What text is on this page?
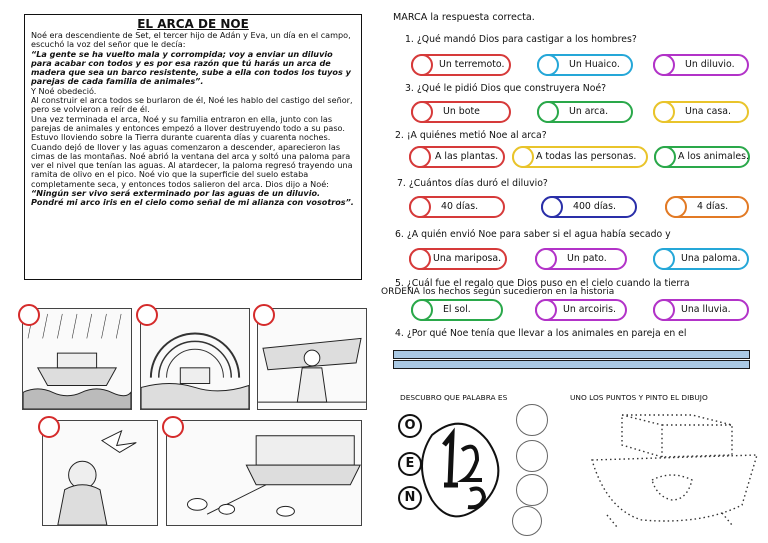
EL ARCA DE NOE

Noé era descendiente de Set, el tercer hijo de Adán y Eva, un día en el campo, escuchó la voz del señor que le decía:

“La gente se ha vuelto mala y corrompida; voy a enviar un diluvio para acabar con todos y es por esa razón que tú harás un arca de madera que sea un barco resistente, sube a ella con todos los tuyos y parejas de cada familia de animales”.

Y Noé obedeció.

Al construir el arca todos se burlaron de él, Noé les hablo del castigo del señor, pero se volvieron a reír de él.

Una vez terminada el arca, Noé y su familia entraron en ella, junto con las parejas de animales y entonces empezó a llover destruyendo todo a su paso.

Estuvo lloviendo sobre la Tierra durante cuarenta días y cuarenta noches.

Cuando dejó de llover y las aguas comenzaron a descender, aparecieron las cimas de las montañas. Noé abrió la ventana del arca y soltó una paloma para ver el nivel que tenían las aguas. Al atardecer, la paloma regresó trayendo una ramita de olivo en el pico. Noé vio que la superficie del suelo estaba completamente seca, y entonces todos salieron del arca. Dios dijo a Noé: “Ningún ser vivo será exterminado por las aguas de un diluvio. Pondré mi arco iris en el cielo como señal de mi alianza con vosotros”.

MARCA la respuesta correcta.
1. ¿Qué mandó Dios para castigar a los hombres?
Un terremoto.	Un Huaico.	Un diluvio.
3. ¿Qué le pidió Dios que construyera Noé?
Un bote	Un arca.	Una casa.
2. ¡A quiénes metió Noe al arca?
A las plantas.	A todas las personas.	A los animales.
7. ¿Cuántos días duró el diluvio?
40 días.	400 días.	4 días.
6. ¿A quién envió Noe para saber si el agua había secado y
Una mariposa.	Un pato.	Una paloma.
5. ¿Cuál fue el regalo que Dios puso en el cielo cuando la tierra
ORDENA los hechos según sucedieron en la historia
El sol.	Un arcoiris.	Una lluvia.
4. ¿Por qué Noe tenía que llevar a los animales en pareja en el
DESCUBRO QUE PALABRA ES
O
E
N
UNO LOS PUNTOS Y PINTO EL DIBUJO
